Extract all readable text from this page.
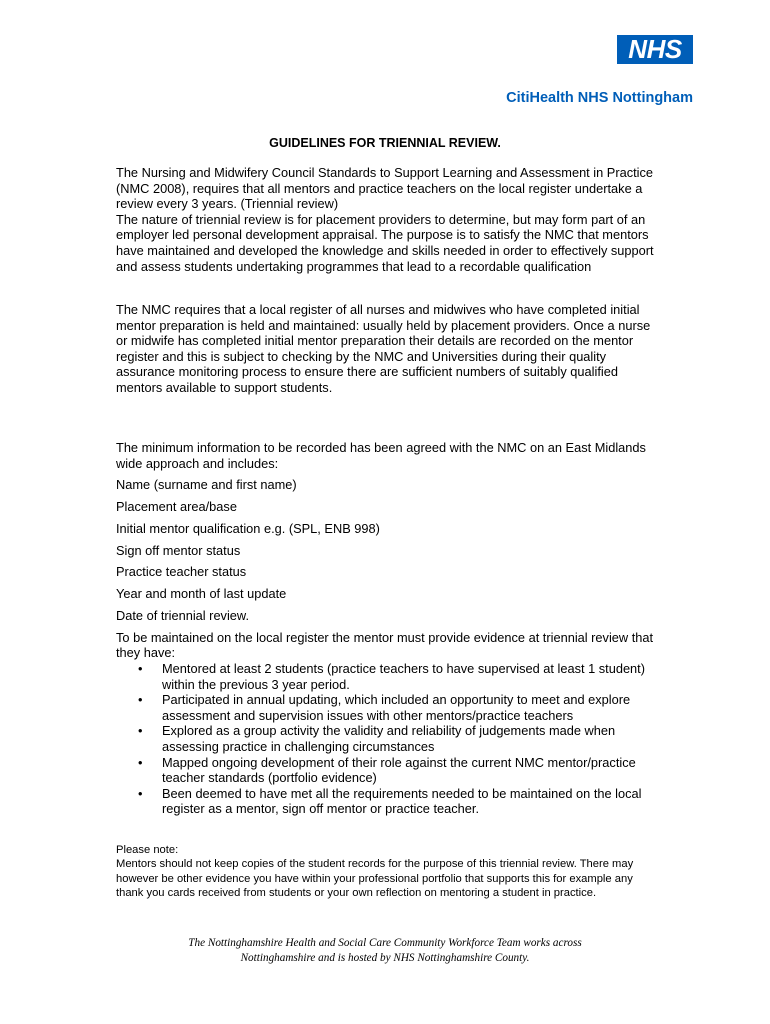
NHS
CitiHealth NHS Nottingham
GUIDELINES FOR TRIENNIAL REVIEW.

The Nursing and Midwifery Council Standards to Support Learning and Assessment in Practice (NMC 2008), requires that all mentors and practice teachers on the local register undertake a review every 3 years. (Triennial review)

The nature of triennial review is for placement providers to determine, but may form part of an employer led personal development appraisal. The purpose is to satisfy the NMC that mentors have maintained and developed the knowledge and skills needed in order to effectively support and assess students undertaking programmes that lead to a recordable qualification

The NMC requires that a local register of all nurses and midwives who have completed initial mentor preparation is held and maintained: usually held by placement providers. Once a nurse or midwife has completed initial mentor preparation their details are recorded on the mentor register and this is subject to checking by the NMC and Universities during their quality assurance monitoring process to ensure there are sufficient numbers of suitably qualified mentors available to support students.

The minimum information to be recorded has been agreed with the NMC on an East Midlands wide approach and includes:

Name (surname and first name)
Placement area/base
Initial mentor qualification e.g. (SPL, ENB 998)
Sign off mentor status
Practice teacher status
Year and month of last update
Date of triennial review.

To be maintained on the local register the mentor must provide evidence at triennial review that they have:

• Mentored at least 2 students (practice teachers to have supervised at least 1 student) within the previous 3 year period.
• Participated in annual updating, which included an opportunity to meet and explore assessment and supervision issues with other mentors/practice teachers
• Explored as a group activity the validity and reliability of judgements made when assessing practice in challenging circumstances
• Mapped ongoing development of their role against the current NMC mentor/practice teacher standards (portfolio evidence)
• Been deemed to have met all the requirements needed to be maintained on the local register as a mentor, sign off mentor or practice teacher.
Please note:
Mentors should not keep copies of the student records for the purpose of this triennial review. There may however be other evidence you have within your professional portfolio that supports this for example any thank you cards received from students or your own reflection on mentoring a student in practice.
The Nottinghamshire Health and Social Care Community Workforce Team works across
Nottinghamshire and is hosted by NHS Nottinghamshire County.
